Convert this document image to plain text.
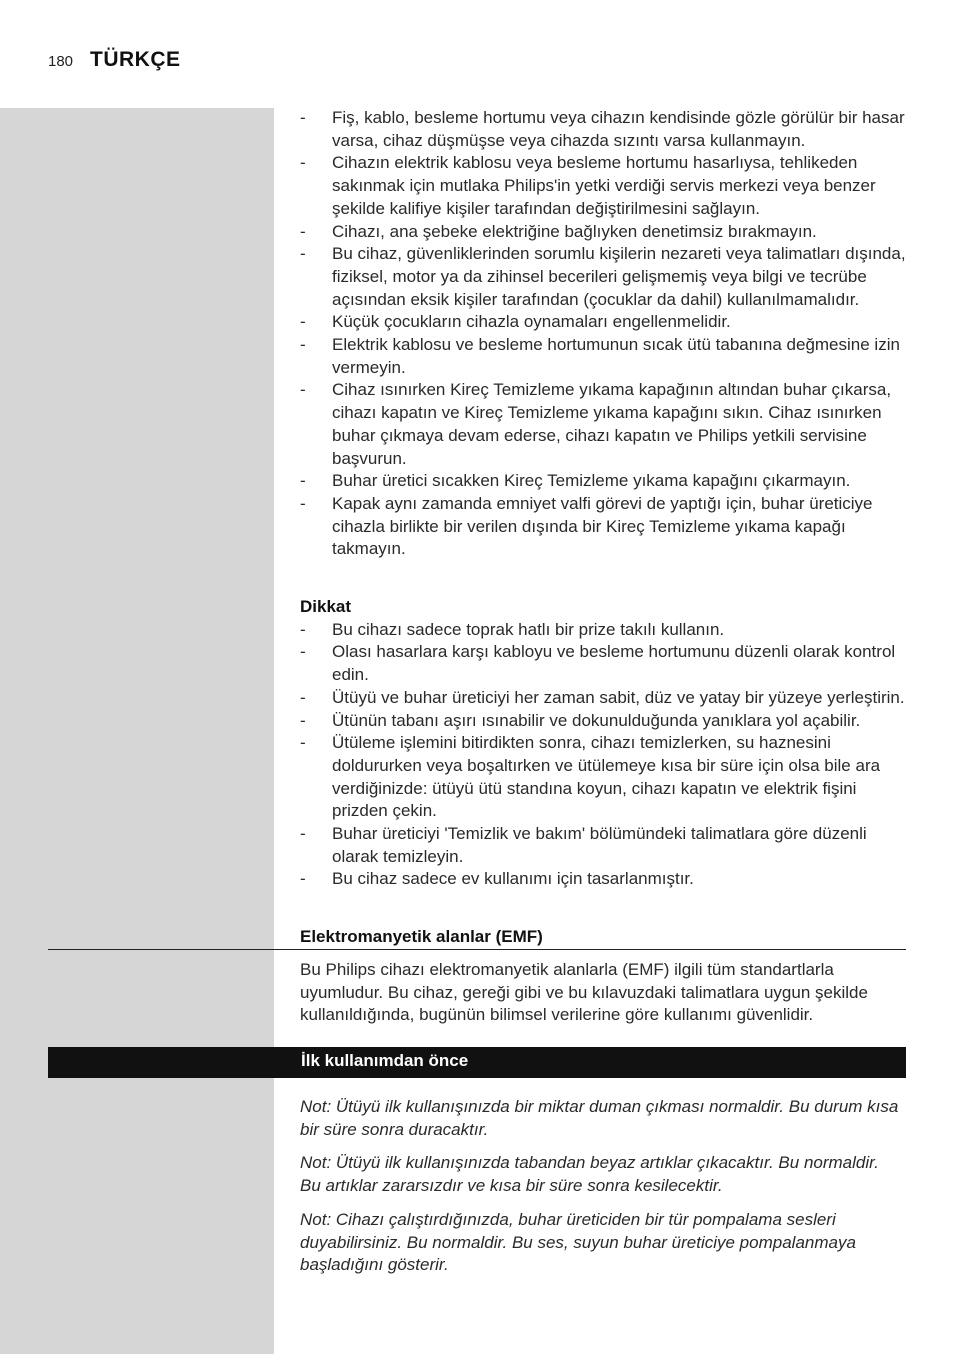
180 TÜRKÇE
- Fiş, kablo, besleme hortumu veya cihazın kendisinde gözle görülür bir hasar varsa, cihaz düşmüşse veya cihazda sızıntı varsa kullanmayın.
- Cihazın elektrik kablosu veya besleme hortumu hasarlıysa, tehlikeden sakınmak için mutlaka Philips'in yetki verdiği servis merkezi veya benzer şekilde kalifiye kişiler tarafından değiştirilmesini sağlayın.
- Cihazı, ana şebeke elektriğine bağlıyken denetimsiz bırakmayın.
- Bu cihaz, güvenliklerinden sorumlu kişilerin nezareti veya talimatları dışında, fiziksel, motor ya da zihinsel becerileri gelişmemiş veya bilgi ve tecrübe açısından eksik kişiler tarafından (çocuklar da dahil) kullanılmamalıdır.
- Küçük çocukların cihazla oynamaları engellenmelidir.
- Elektrik kablosu ve besleme hortumunun sıcak ütü tabanına değmesine izin vermeyin.
- Cihaz ısınırken Kireç Temizleme yıkama kapağının altından buhar çıkarsa, cihazı kapatın ve Kireç Temizleme yıkama kapağını sıkın. Cihaz ısınırken buhar çıkmaya devam ederse, cihazı kapatın ve Philips yetkili servisine başvurun.
- Buhar üretici sıcakken Kireç Temizleme yıkama kapağını çıkarmayın.
- Kapak aynı zamanda emniyet valfi görevi de yaptığı için, buhar üreticiye cihazla birlikte bir verilen dışında bir Kireç Temizleme yıkama kapağı takmayın.
Dikkat
- Bu cihazı sadece toprak hatlı bir prize takılı kullanın.
- Olası hasarlara karşı kabloyu ve besleme hortumunu düzenli olarak kontrol edin.
- Ütüyü ve buhar üreticiyi her zaman sabit, düz ve yatay bir yüzeye yerleştirin.
- Ütünün tabanı aşırı ısınabilir ve dokunulduğunda yanıklara yol açabilir.
- Ütüleme işlemini bitirdikten sonra, cihazı temizlerken, su haznesini doldururken veya boşaltırken ve ütülemeye kısa bir süre için olsa bile ara verdiğinizde: ütüyü ütü standına koyun, cihazı kapatın ve elektrik fişini prizden çekin.
- Buhar üreticiyi 'Temizlik ve bakım' bölümündeki talimatlara göre düzenli olarak temizleyin.
- Bu cihaz sadece ev kullanımı için tasarlanmıştır.
Elektromanyetik alanlar (EMF)
Bu Philips cihazı elektromanyetik alanlarla (EMF) ilgili tüm standartlarla uyumludur. Bu cihaz, gereği gibi ve bu kılavuzdaki talimatlara uygun şekilde kullanıldığında, bugünün bilimsel verilerine göre kullanımı güvenlidir.
İlk kullanımdan önce

Not: Ütüyü ilk kullanışınızda bir miktar duman çıkması normaldir. Bu durum kısa bir süre sonra duracaktır.

Not: Ütüyü ilk kullanışınızda tabandan beyaz artıklar çıkacaktır. Bu normaldir. Bu artıklar zararsızdır ve kısa bir süre sonra kesilecektir.

Not: Cihazı çalıştırdığınızda, buhar üreticiden bir tür pompalama sesleri duyabilirsiniz. Bu normaldir. Bu ses, suyun buhar üreticiye pompalanmaya başladığını gösterir.
